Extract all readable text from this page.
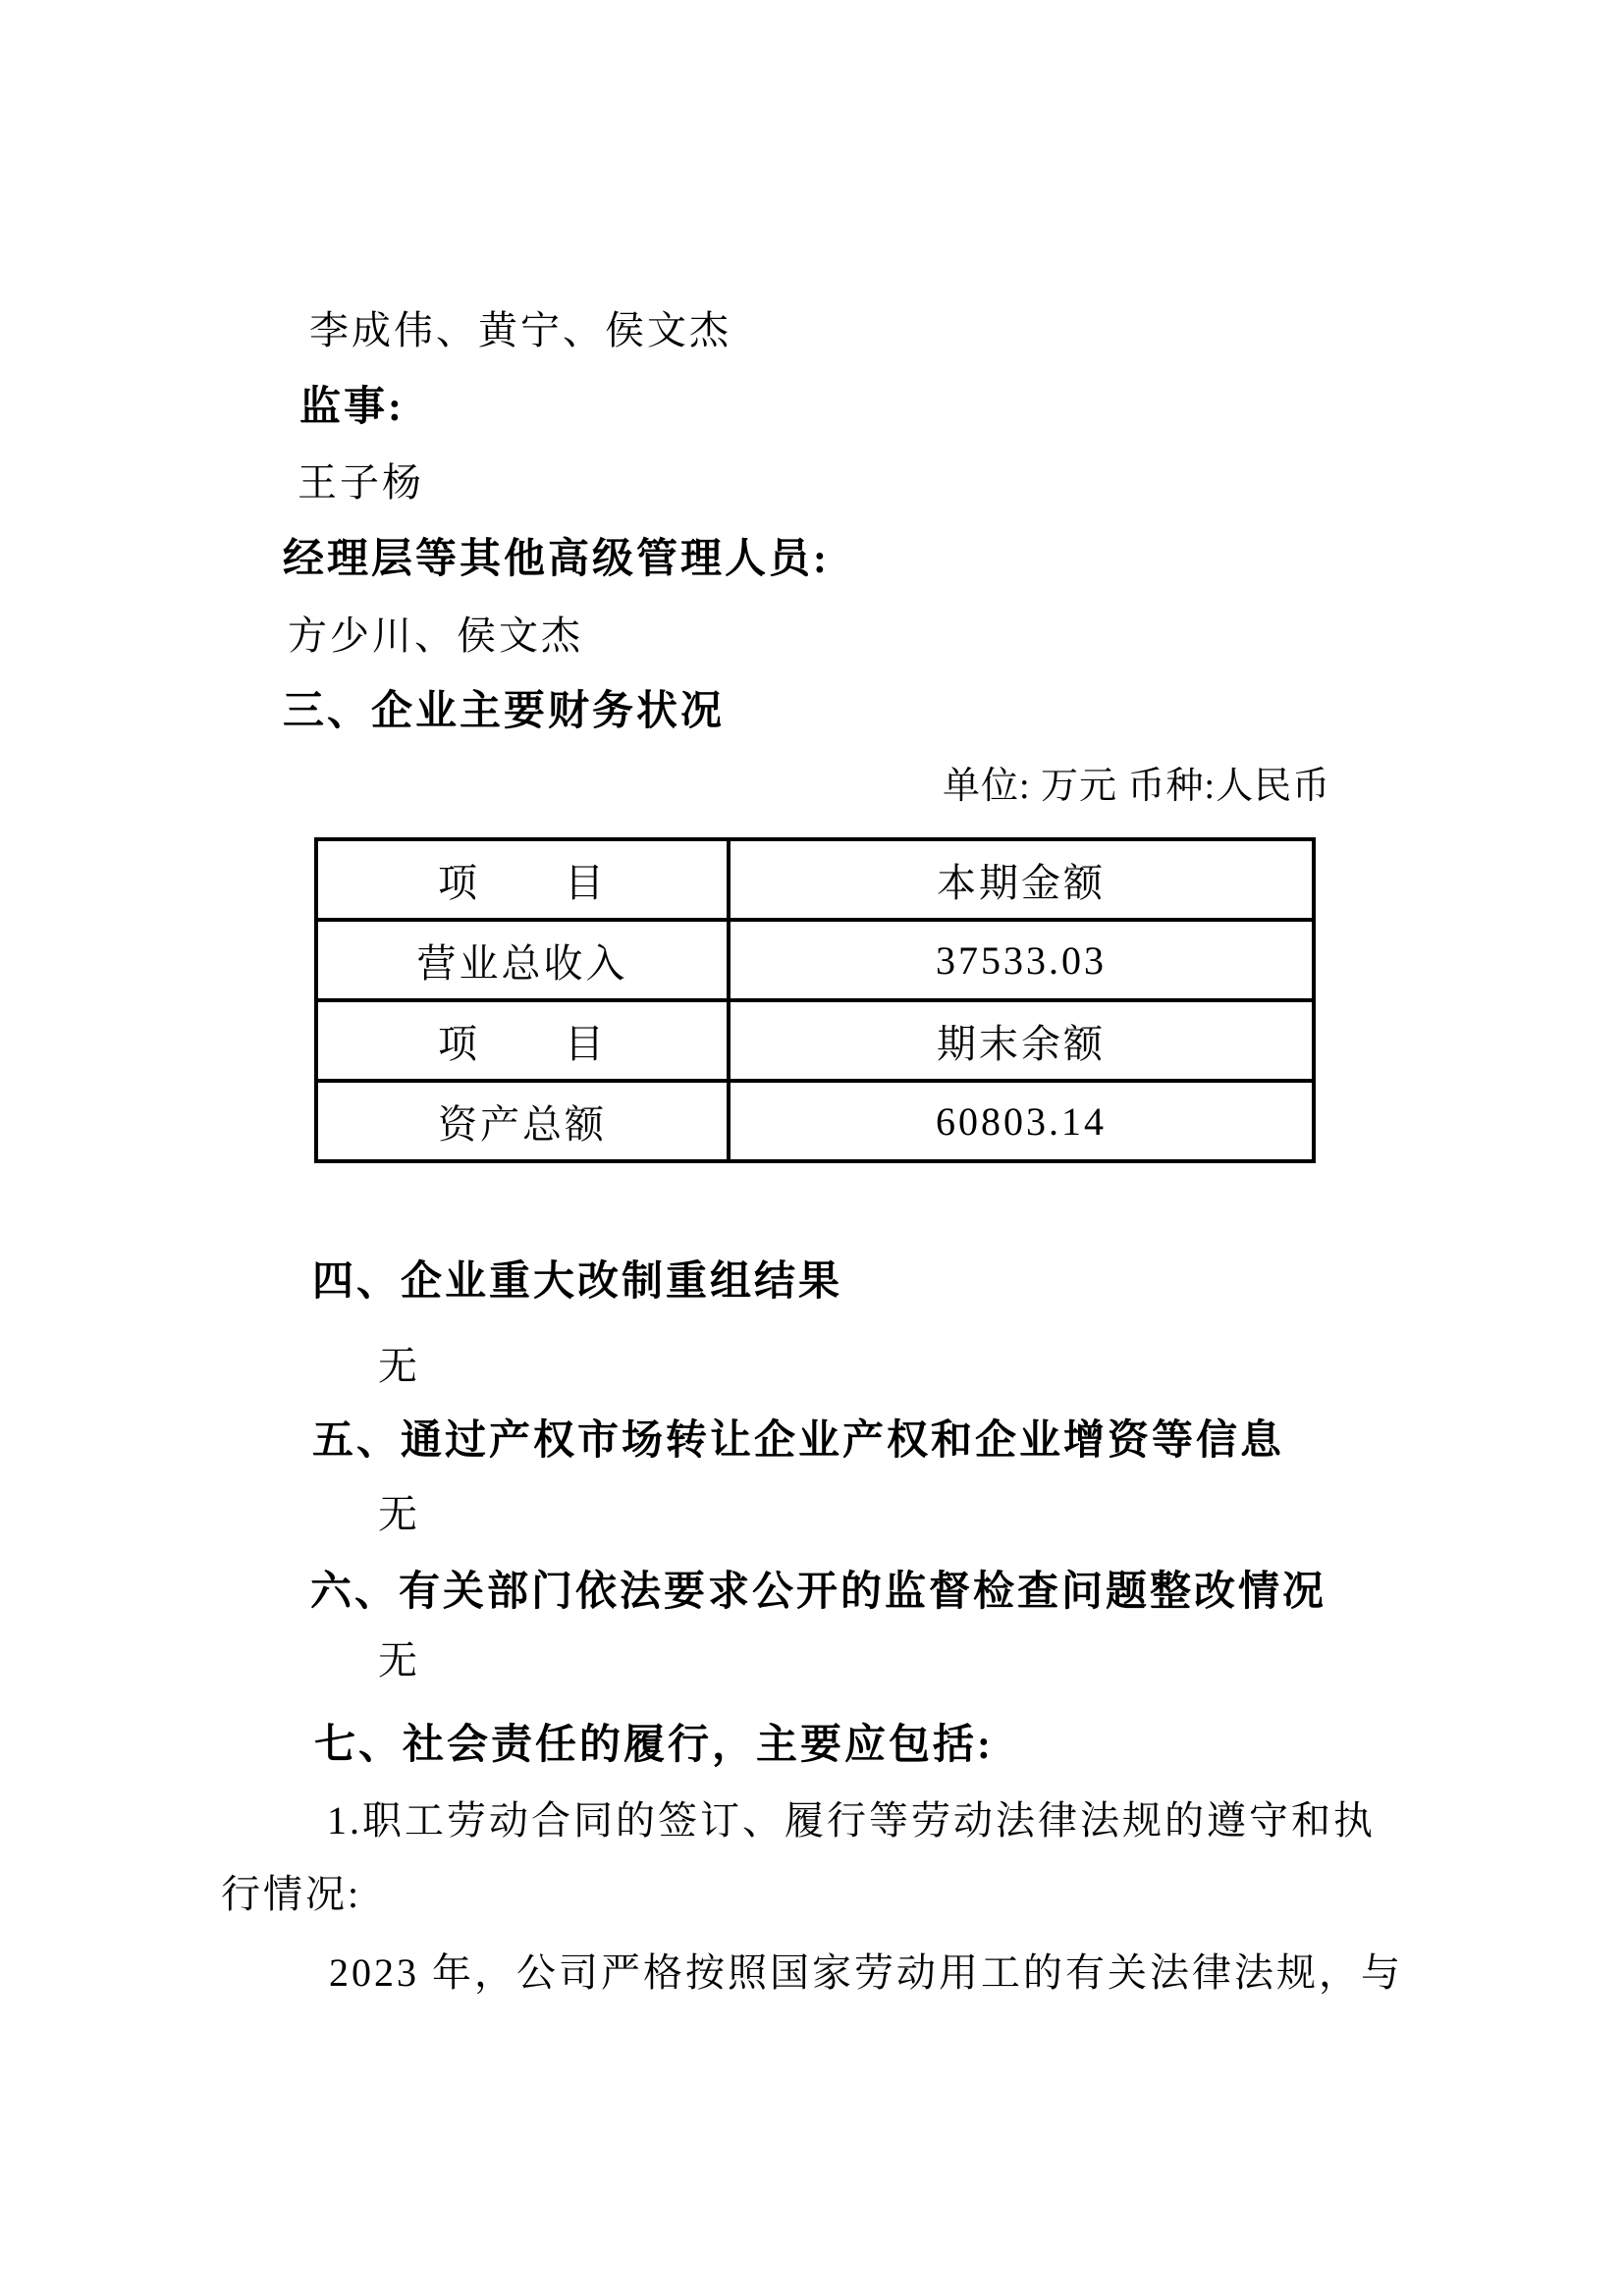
李成伟、黄宁、侯文杰
监事:
王子杨
经理层等其他高级管理人员:
方少川、侯文杰
三、企业主要财务状况
单位: 万元 币种:人民币
项　　目	本期金额
营业总收入	37533.03
项　　目	期末余额
资产总额	60803.14
四、企业重大改制重组结果
无
五、通过产权市场转让企业产权和企业增资等信息
无
六、有关部门依法要求公开的监督检查问题整改情况
无
七、社会责任的履行，主要应包括:
1.职工劳动合同的签订、履行等劳动法律法规的遵守和执
行情况:
2023 年，公司严格按照国家劳动用工的有关法律法规，与
